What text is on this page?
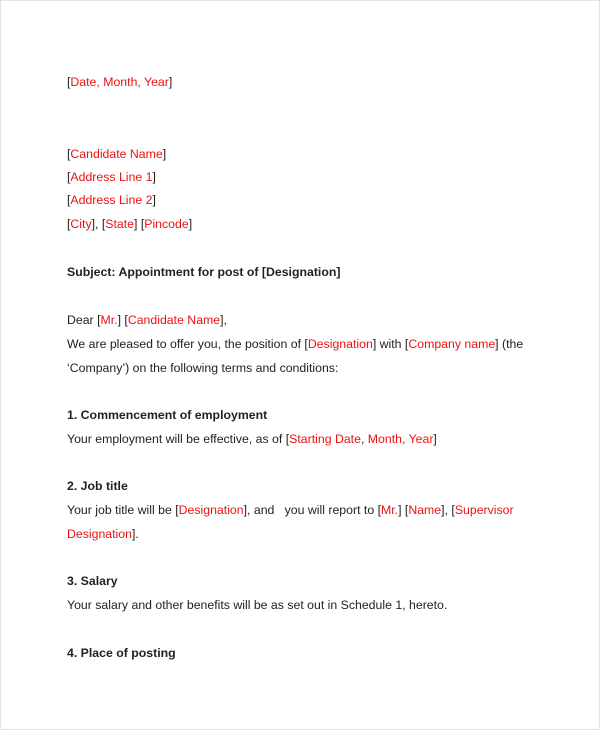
[Date, Month, Year]
[Candidate Name]
[Address Line 1]
[Address Line 2]
[City], [State] [Pincode]
Subject: Appointment for post of [Designation]
Dear [Mr.] [Candidate Name],
We are pleased to offer you, the position of [Designation] with [Company name] (the
‘Company’) on the following terms and conditions:
1. Commencement of employment
Your employment will be effective, as of [Starting Date, Month, Year]
2. Job title
Your job title will be [Designation], and   you will report to [Mr.] [Name], [Supervisor
Designation].
3. Salary
Your salary and other benefits will be as set out in Schedule 1, hereto.
4. Place of posting
